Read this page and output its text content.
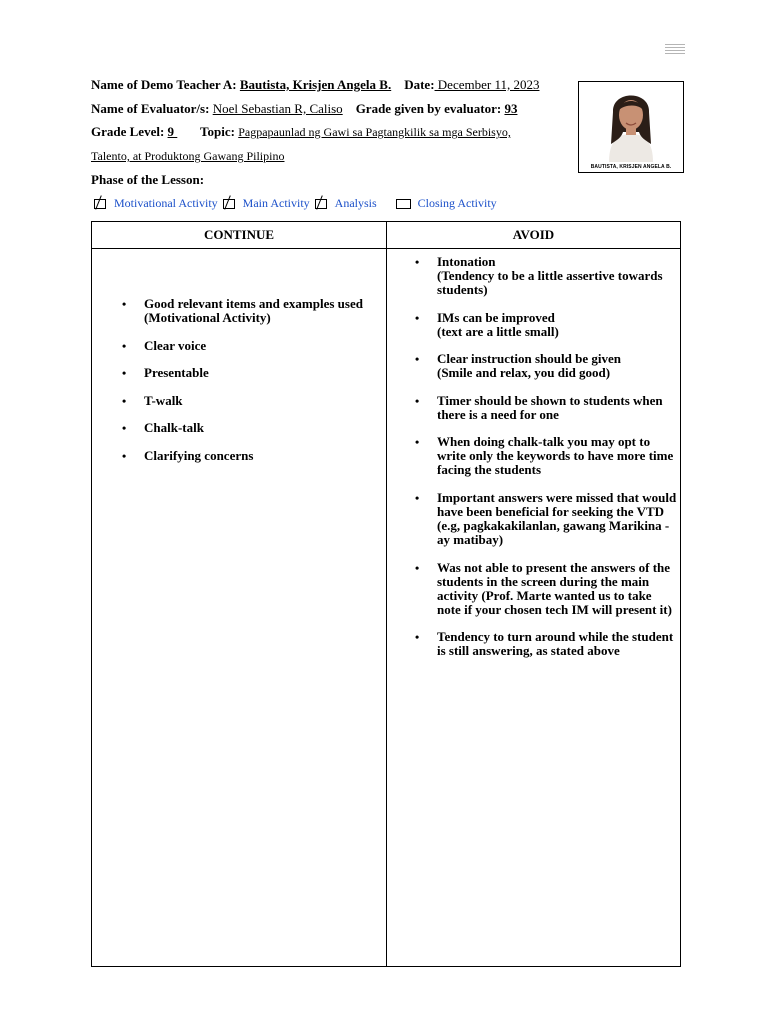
Name of Demo Teacher A: Bautista, Krisjen Angela B. Date: December 11, 2023
Name of Evaluator/s: Noel Sebastian R, Caliso Grade given by evaluator: 93
Grade Level: 9        Topic: Pagpapaunlad ng Gawi sa Pagtangkilik sa mga Serbisyo,
Talento, at Produktong Gawang Pilipino
Phase of the Lesson:
BAUTISTA, KRISJEN ANGELA B.
Motivational Activity Main Activity Analysis	Closing Activity
CONTINUE	AVOID
• Good relevant items and examples used
(Motivational Activity)
• Clear voice
• Presentable
• T-walk
• Chalk-talk
• Clarifying concerns
• Intonation
(Tendency to be a little assertive towards students)
• IMs can be improved
(text are a little small)
• Clear instruction should be given
(Smile and relax, you did good)
• Timer should be shown to students when there is a need for one
• When doing chalk-talk you may opt to write only the keywords to have more time facing the students
• Important answers were missed that would have been beneficial for seeking the VTD (e.g, pagkakakilanlan, gawang Marikina - ay matibay)
• Was not able to present the answers of the students in the screen during the main activity (Prof. Marte wanted us to take note if your chosen tech IM will present it)
• Tendency to turn around while the student is still answering, as stated above
